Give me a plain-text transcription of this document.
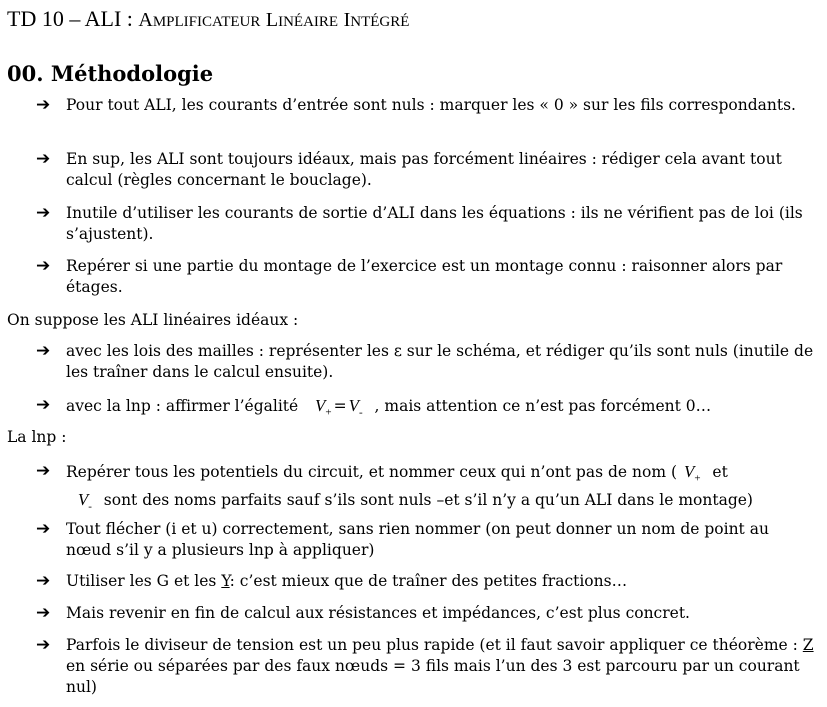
TD 10 – ALI : AMPLIFICATEUR LINÉAIRE INTÉGRÉ
00. Méthodologie
➔ Pour tout ALI, les courants d’entrée sont nuls : marquer les « 0 » sur les fils correspondants.
➔ En sup, les ALI sont toujours idéaux, mais pas forcément linéaires : rédiger cela avant tout calcul (règles concernant le bouclage).
➔ Inutile d’utiliser les courants de sortie d’ALI dans les équations : ils ne vérifient pas de loi (ils s’ajustent).
➔ Repérer si une partie du montage de l’exercice est un montage connu : raisonner alors par étages.
On suppose les ALI linéaires idéaux :
➔ avec les lois des mailles : représenter les ε sur le schéma, et rédiger qu’ils sont nuls (inutile de les traîner dans le calcul ensuite).
➔ avec la lnp : affirmer l’égalité $V_+ = V_-$ , mais attention ce n’est pas forcément 0…
La lnp :
➔ Repérer tous les potentiels du circuit, et nommer ceux qui n’ont pas de nom ( $V_+$ et
$V_-$ sont des noms parfaits sauf s’ils sont nuls –et s’il n’y a qu’un ALI dans le montage)
➔ Tout flécher (i et u) correctement, sans rien nommer (on peut donner un nom de point au nœud s’il y a plusieurs lnp à appliquer)
➔ Utiliser les G et les Y: c’est mieux que de traîner des petites fractions…
➔ Mais revenir en fin de calcul aux résistances et impédances, c’est plus concret.
➔ Parfois le diviseur de tension est un peu plus rapide (et il faut savoir appliquer ce théorème : Z en série ou séparées par des faux nœuds = 3 fils mais l’un des 3 est parcouru par un courant nul)
